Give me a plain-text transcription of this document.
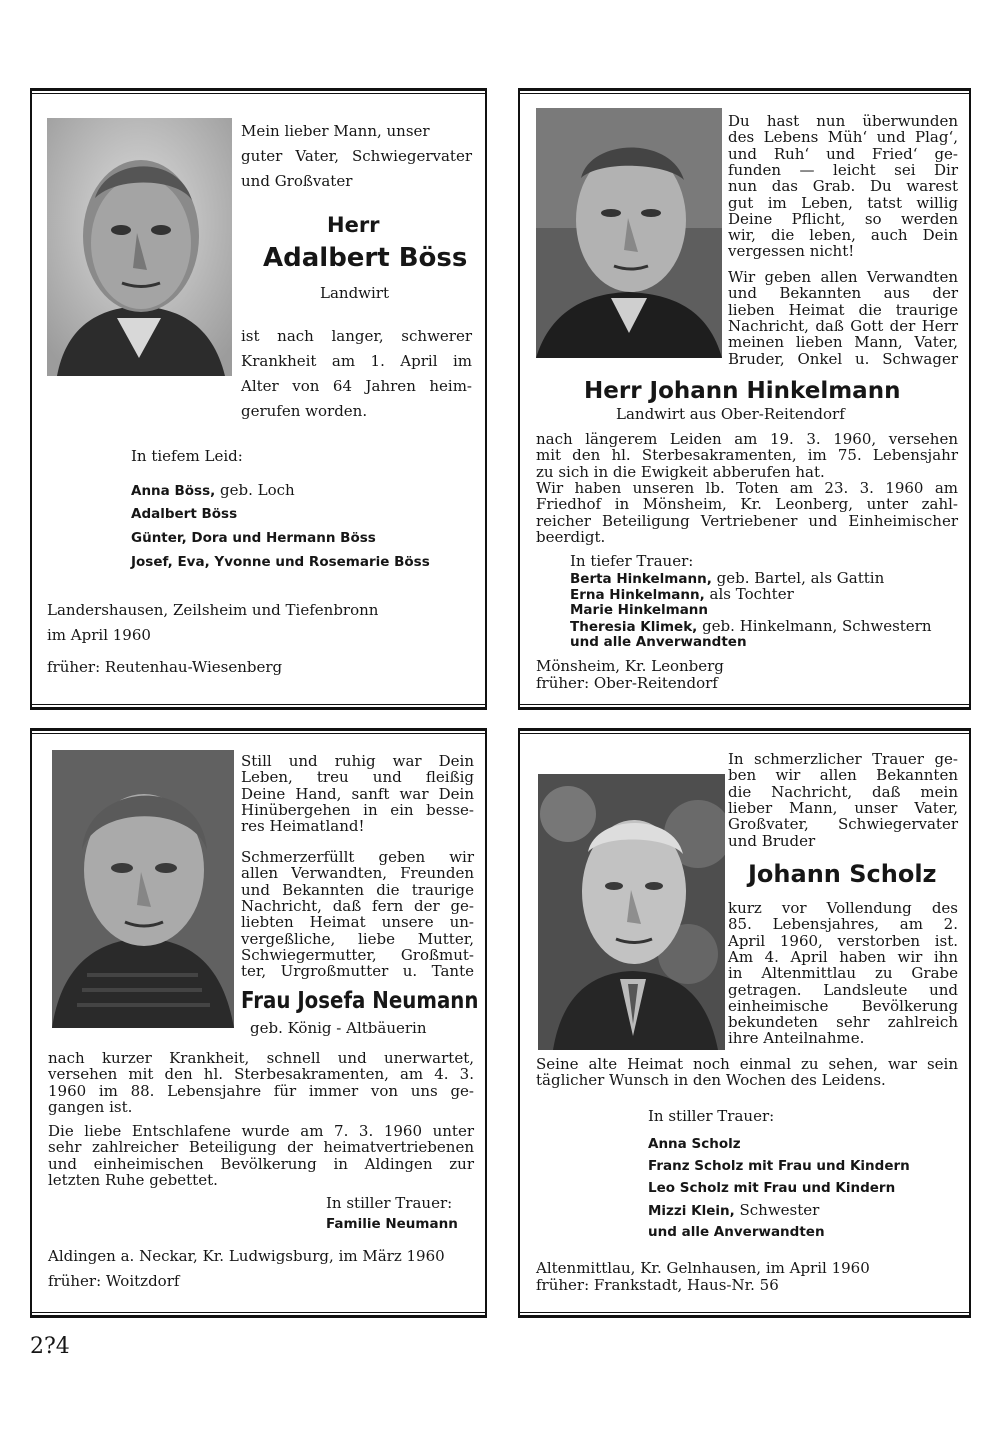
Mein lieber Mann, unser
guter Vater, Schwiegervater
und Großvater
Herr
Adalbert Böss
Landwirt
ist nach langer, schwerer
Krankheit am 1. April im
Alter von 64 Jahren heim-
gerufen worden.
In tiefem Leid:
Anna Böss, geb. Loch
Adalbert Böss
Günter, Dora und Hermann Böss
Josef, Eva, Yvonne und Rosemarie Böss
Landershausen, Zeilsheim und Tiefenbronn
im April 1960
früher: Reutenhau-Wiesenberg
Du hast nun überwunden
des Lebens Müh‘ und Plag‘,
und Ruh‘ und Fried‘ ge-
funden — leicht sei Dir
nun das Grab. Du warest
gut im Leben, tatst willig
Deine Pflicht, so werden
wir, die leben, auch Dein
vergessen nicht!
Wir geben allen Verwandten
und Bekannten aus der
lieben Heimat die traurige
Nachricht, daß Gott der Herr
meinen lieben Mann, Vater,
Bruder, Onkel u. Schwager
Herr Johann Hinkelmann
Landwirt aus Ober-Reitendorf
nach längerem Leiden am 19. 3. 1960, versehen
mit den hl. Sterbesakramenten, im 75. Lebensjahr
zu sich in die Ewigkeit abberufen hat.
Wir haben unseren lb. Toten am 23. 3. 1960 am
Friedhof in Mönsheim, Kr. Leonberg, unter zahl-
reicher Beteiligung Vertriebener und Einheimischer
beerdigt.
In tiefer Trauer:
Berta Hinkelmann, geb. Bartel, als Gattin
Erna Hinkelmann, als Tochter
Marie Hinkelmann
Theresia Klimek, geb. Hinkelmann, Schwestern
und alle Anverwandten
Mönsheim, Kr. Leonberg
früher: Ober-Reitendorf
Still und ruhig war Dein
Leben, treu und fleißig
Deine Hand, sanft war Dein
Hinübergehen in ein besse-
res Heimatland!
Schmerzerfüllt geben wir
allen Verwandten, Freunden
und Bekannten die traurige
Nachricht, daß fern der ge-
liebten Heimat unsere un-
vergeßliche, liebe Mutter,
Schwiegermutter, Großmut-
ter, Urgroßmutter u. Tante
Frau Josefa Neumann
geb. König - Altbäuerin
nach kurzer Krankheit, schnell und unerwartet,
versehen mit den hl. Sterbesakramenten, am 4. 3.
1960 im 88. Lebensjahre für immer von uns ge-
gangen ist.
Die liebe Entschlafene wurde am 7. 3. 1960 unter
sehr zahlreicher Beteiligung der heimatvertriebenen
und einheimischen Bevölkerung in Aldingen zur
letzten Ruhe gebettet.
In stiller Trauer:
Familie Neumann
Aldingen a. Neckar, Kr. Ludwigsburg, im März 1960
früher: Woitzdorf
In schmerzlicher Trauer ge-
ben wir allen Bekannten
die Nachricht, daß mein
lieber Mann, unser Vater,
Großvater, Schwiegervater
und Bruder
Johann Scholz
kurz vor Vollendung des
85. Lebensjahres, am 2.
April 1960, verstorben ist.
Am 4. April haben wir ihn
in Altenmittlau zu Grabe
getragen. Landsleute und
einheimische Bevölkerung
bekundeten sehr zahlreich
ihre Anteilnahme.
Seine alte Heimat noch einmal zu sehen, war sein
täglicher Wunsch in den Wochen des Leidens.
In stiller Trauer:
Anna Scholz
Franz Scholz mit Frau und Kindern
Leo Scholz mit Frau und Kindern
Mizzi Klein, Schwester
und alle Anverwandten
Altenmittlau, Kr. Gelnhausen, im April 1960
früher: Frankstadt, Haus-Nr. 56
2?4
